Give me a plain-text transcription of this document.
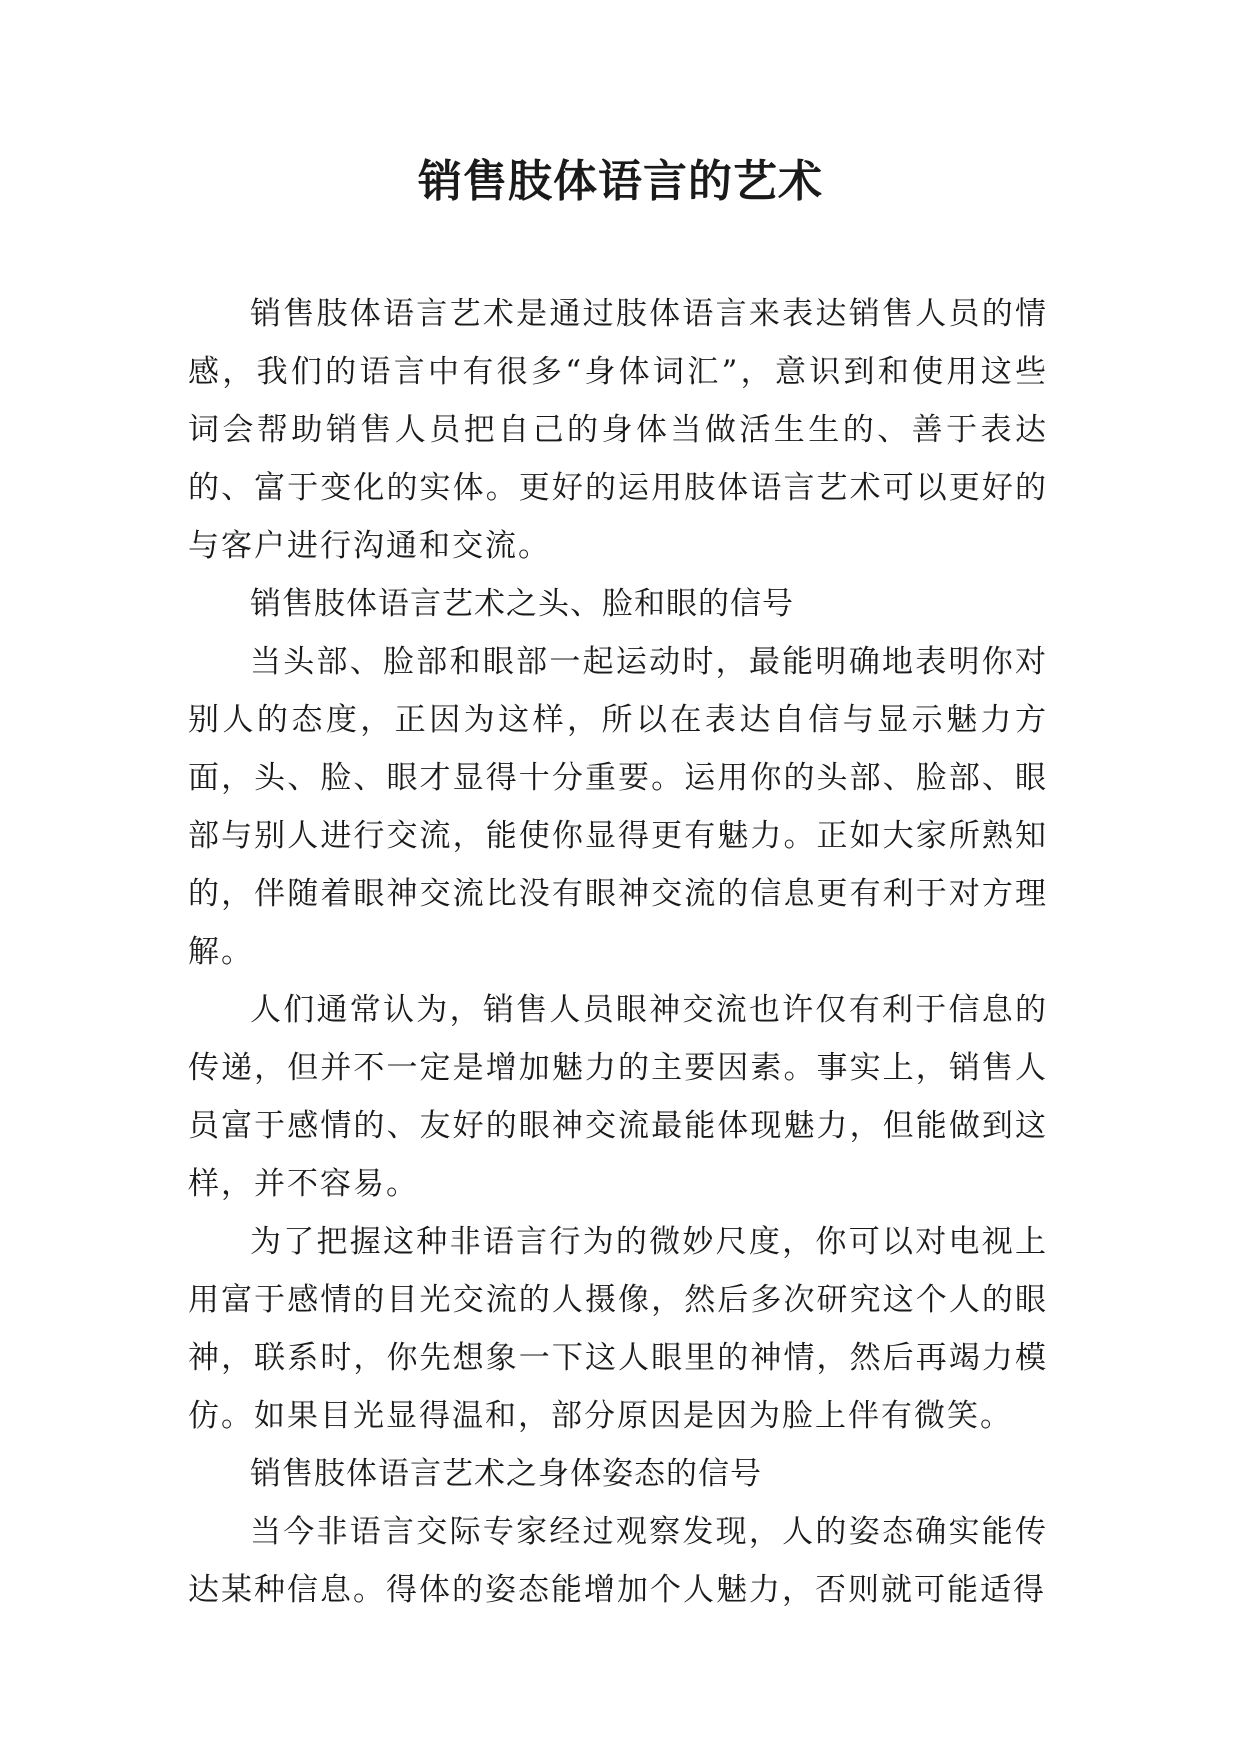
销售肢体语言的艺术

销售肢体语言艺术是通过肢体语言来表达销售人员的情感，我们的语言中有很多“身体词汇”，意识到和使用这些词会帮助销售人员把自己的身体当做活生生的、善于表达的、富于变化的实体。更好的运用肢体语言艺术可以更好的与客户进行沟通和交流。

销售肢体语言艺术之头、脸和眼的信号

当头部、脸部和眼部一起运动时，最能明确地表明你对别人的态度，正因为这样，所以在表达自信与显示魅力方面，头、脸、眼才显得十分重要。运用你的头部、脸部、眼部与别人进行交流，能使你显得更有魅力。正如大家所熟知的，伴随着眼神交流比没有眼神交流的信息更有利于对方理解。

人们通常认为，销售人员眼神交流也许仅有利于信息的传递，但并不一定是增加魅力的主要因素。事实上，销售人员富于感情的、友好的眼神交流最能体现魅力，但能做到这样，并不容易。

为了把握这种非语言行为的微妙尺度，你可以对电视上用富于感情的目光交流的人摄像，然后多次研究这个人的眼神，联系时，你先想象一下这人眼里的神情，然后再竭力模仿。如果目光显得温和，部分原因是因为脸上伴有微笑。

销售肢体语言艺术之身体姿态的信号

当今非语言交际专家经过观察发现，人的姿态确实能传达某种信息。得体的姿态能增加个人魅力，否则就可能适得
